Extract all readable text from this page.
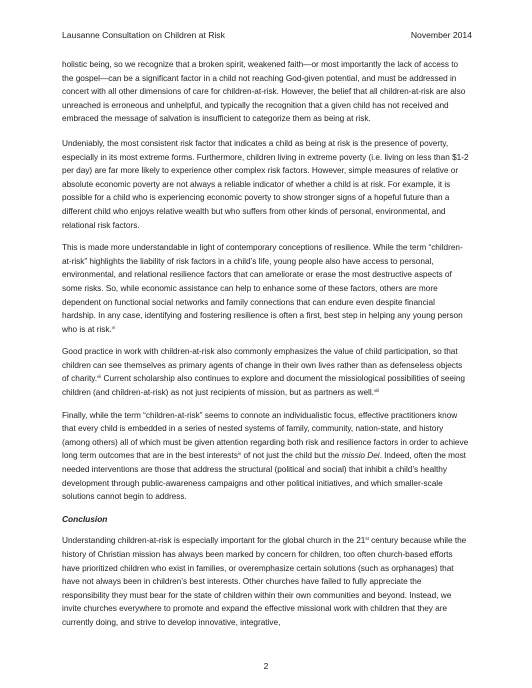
Lausanne Consultation on Children at Risk	November 2014

holistic being, so we recognize that a broken spirit, weakened faith—or most importantly the lack of access to the gospel—can be a significant factor in a child not reaching God-given potential, and must be addressed in concert with all other dimensions of care for children-at-risk. However, the belief that all children-at-risk are also unreached is erroneous and unhelpful, and typically the recognition that a given child has not received and embraced the message of salvation is insufficient to categorize them as being at risk.

Undeniably, the most consistent risk factor that indicates a child as being at risk is the presence of poverty, especially in its most extreme forms. Furthermore, children living in extreme poverty (i.e. living on less than $1-2 per day) are far more likely to experience other complex risk factors. However, simple measures of relative or absolute economic poverty are not always a reliable indicator of whether a child is at risk. For example, it is possible for a child who is experiencing economic poverty to show stronger signs of a hopeful future than a different child who enjoys relative wealth but who suffers from other kinds of personal, environmental, and relational risk factors.

This is made more understandable in light of contemporary conceptions of resilience. While the term “children-at-risk” highlights the liability of risk factors in a child’s life, young people also have access to personal, environmental, and relational resilience factors that can ameliorate or erase the most destructive aspects of some risks. So, while economic assistance can help to enhance some of these factors, others are more dependent on functional social networks and family connections that can endure even despite financial hardship. In any case, identifying and fostering resilience is often a first, best step in helping any young person who is at risk.$^{vi}$

Good practice in work with children-at-risk also commonly emphasizes the value of child participation, so that children can see themselves as primary agents of change in their own lives rather than as defenseless objects of charity.$^{vii}$ Current scholarship also continues to explore and document the missiological possibilities of seeing children (and children-at-risk) as not just recipients of mission, but as partners as well.$^{viii}$

Finally, while the term “children-at-risk” seems to connote an individualistic focus, effective practitioners know that every child is embedded in a series of nested systems of family, community, nation-state, and history (among others) all of which must be given attention regarding both risk and resilience factors in order to achieve long term outcomes that are in the best interests$^{ix}$ of not just the child but the missio Dei. Indeed, often the most needed interventions are those that address the structural (political and social) that inhibit a child’s healthy development through public-awareness campaigns and other political initiatives, and which smaller-scale solutions cannot begin to address.

Conclusion

Understanding children-at-risk is especially important for the global church in the 21st century because while the history of Christian mission has always been marked by concern for children, too often church-based efforts have prioritized children who exist in families, or overemphasize certain solutions (such as orphanages) that have not always been in children’s best interests. Other churches have failed to fully appreciate the responsibility they must bear for the state of children within their own communities and beyond. Instead, we invite churches everywhere to promote and expand the effective missional work with children that they are currently doing, and strive to develop innovative, integrative,

2
